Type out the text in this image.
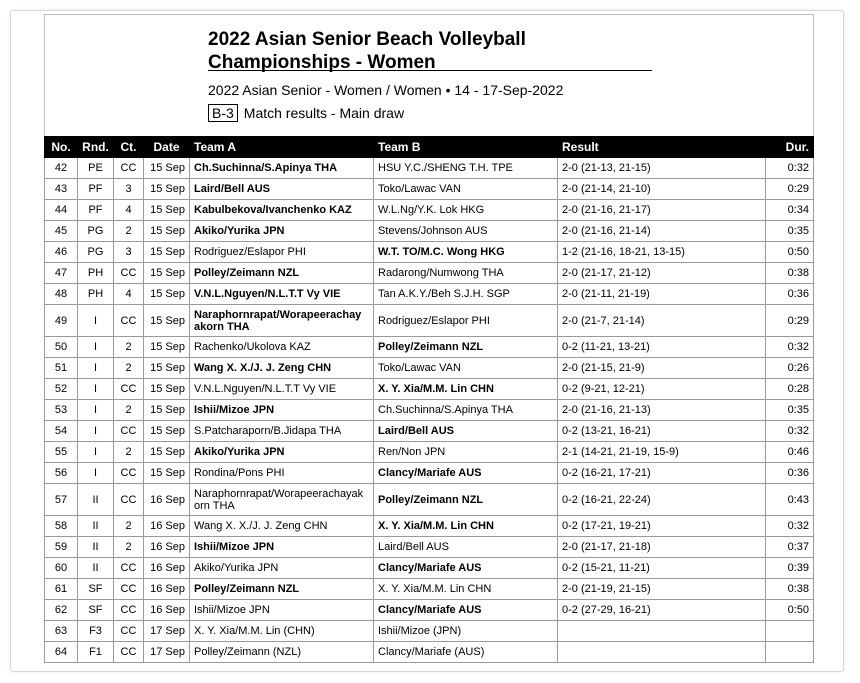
2022 Asian Senior Beach Volleyball
Championships - Women
2022 Asian Senior - Women / Women • 14 - 17-Sep-2022
B-3 Match results - Main draw
No.	Rnd.	Ct.	Date	Team A	Team B	Result	Dur.
42	PE	CC	15 Sep	Ch.Suchinna/S.Apinya THA	HSU Y.C./SHENG T.H. TPE	2-0 (21-13, 21-15)	0:32
43	PF	3	15 Sep	Laird/Bell AUS	Toko/Lawac VAN	2-0 (21-14, 21-10)	0:29
44	PF	4	15 Sep	Kabulbekova/Ivanchenko KAZ	W.L.Ng/Y.K. Lok HKG	2-0 (21-16, 21-17)	0:34
45	PG	2	15 Sep	Akiko/Yurika JPN	Stevens/Johnson AUS	2-0 (21-16, 21-14)	0:35
46	PG	3	15 Sep	Rodriguez/Eslapor PHI	W.T. TO/M.C. Wong HKG	1-2 (21-16, 18-21, 13-15)	0:50
47	PH	CC	15 Sep	Polley/Zeimann NZL	Radarong/Numwong THA	2-0 (21-17, 21-12)	0:38
48	PH	4	15 Sep	V.N.L.Nguyen/N.L.T.T Vy VIE	Tan A.K.Y./Beh S.J.H. SGP	2-0 (21-11, 21-19)	0:36
49	I	CC	15 Sep	Naraphornrapat/Worapeerachay akorn THA	Rodriguez/Eslapor PHI	2-0 (21-7, 21-14)	0:29
50	I	2	15 Sep	Rachenko/Ukolova KAZ	Polley/Zeimann NZL	0-2 (11-21, 13-21)	0:32
51	I	2	15 Sep	Wang X. X./J. J. Zeng CHN	Toko/Lawac VAN	2-0 (21-15, 21-9)	0:26
52	I	CC	15 Sep	V.N.L.Nguyen/N.L.T.T Vy VIE	X. Y. Xia/M.M. Lin CHN	0-2 (9-21, 12-21)	0:28
53	I	2	15 Sep	Ishii/Mizoe JPN	Ch.Suchinna/S.Apinya THA	2-0 (21-16, 21-13)	0:35
54	I	CC	15 Sep	S.Patcharaporn/B.Jidapa THA	Laird/Bell AUS	0-2 (13-21, 16-21)	0:32
55	I	2	15 Sep	Akiko/Yurika JPN	Ren/Non JPN	2-1 (14-21, 21-19, 15-9)	0:46
56	I	CC	15 Sep	Rondina/Pons PHI	Clancy/Mariafe AUS	0-2 (16-21, 17-21)	0:36
57	II	CC	16 Sep	Naraphornrapat/Worapeerachayak orn THA	Polley/Zeimann NZL	0-2 (16-21, 22-24)	0:43
58	II	2	16 Sep	Wang X. X./J. J. Zeng CHN	X. Y. Xia/M.M. Lin CHN	0-2 (17-21, 19-21)	0:32
59	II	2	16 Sep	Ishii/Mizoe JPN	Laird/Bell AUS	2-0 (21-17, 21-18)	0:37
60	II	CC	16 Sep	Akiko/Yurika JPN	Clancy/Mariafe AUS	0-2 (15-21, 11-21)	0:39
61	SF	CC	16 Sep	Polley/Zeimann NZL	X. Y. Xia/M.M. Lin CHN	2-0 (21-19, 21-15)	0:38
62	SF	CC	16 Sep	Ishii/Mizoe JPN	Clancy/Mariafe AUS	0-2 (27-29, 16-21)	0:50
63	F3	CC	17 Sep	X. Y. Xia/M.M. Lin (CHN)	Ishii/Mizoe (JPN)		
64	F1	CC	17 Sep	Polley/Zeimann (NZL)	Clancy/Mariafe (AUS)		
